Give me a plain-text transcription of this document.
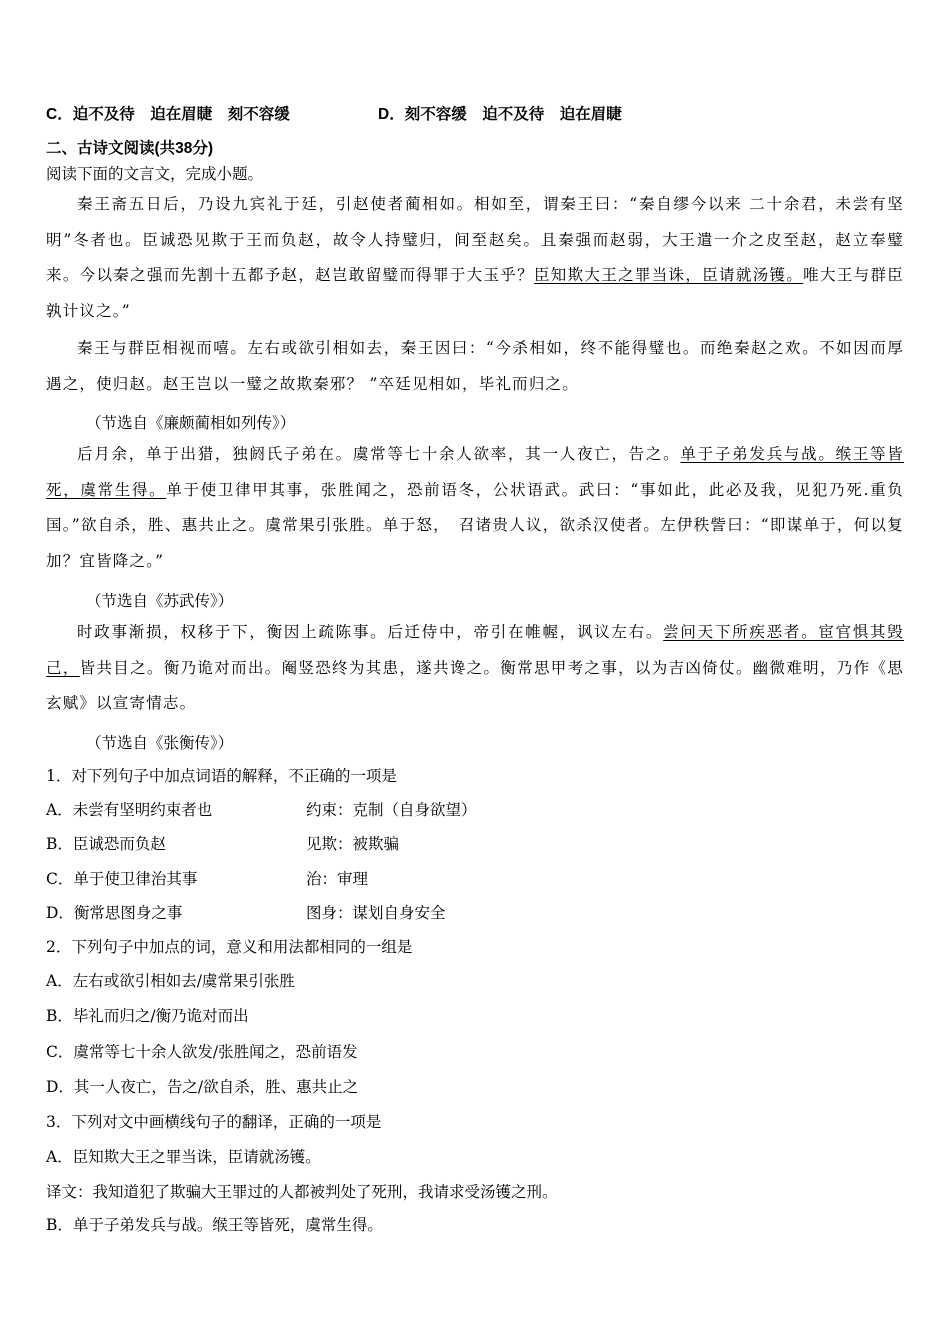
C．迫不及待　迫在眉睫　刻不容缓	D．刻不容缓　迫不及待　迫在眉睫
二、古诗文阅读(共38分)
阅读下面的文言文，完成小题。
秦王斋五日后，乃设九宾礼于廷，引赵使者蔺相如。相如至，谓秦王曰：“秦自缪今以来 二十余君，未尝有坚明”冬者也。臣诚恐见欺于王而负赵，故令人持璧归，间至赵矣。且秦强而赵弱，大王遣一介之皮至赵，赵立奉璧来。今以秦之强而先割十五都予赵，赵岂敢留璧而得罪于大玉乎？臣知欺大王之罪当诛，臣请就汤镬。唯大王与群臣孰计议之。”
秦王与群臣相视而嘻。左右或欲引相如去，秦王因曰：“今杀相如，终不能得璧也。而绝秦赵之欢。不如因而厚遇之，使归赵。赵王岂以一璧之故欺秦邪？ ”卒廷见相如，毕礼而归之。
（节选自《廉颇蔺相如列传》）
后月余，单于出猎，独阏氏子弟在。虞常等七十余人欲率，其一人夜亡，告之。单于子弟发兵与战。缑王等皆死，虞常生得。单于使卫律甲其事，张胜闻之，恐前语冬，公状语武。武曰：“事如此，此必及我，见犯乃死.重负国。”欲自杀，胜、惠共止之。虞常果引张胜。单于怒，　召诸贵人议，欲杀汉使者。左伊秩訾曰：“即谋单于，何以复加？宜皆降之。”
（节选自《苏武传》）
时政事渐损，权移于下，衡因上疏陈事。后迁侍中，帝引在帷幄，讽议左右。尝问天下所疾恶者。宦官惧其毁己，皆共目之。衡乃诡对而出。阉竖恐终为其患，遂共谗之。衡常思甲考之事，以为吉凶倚仗。幽微难明，乃作《思玄赋》以宣寄情志。
（节选自《张衡传》）
1．对下列句子中加点词语的解释，不正确的一项是
A．未尝有坚明约束者也	约束：克制（自身欲望）
B．臣诚恐而负赵	见欺：被欺骗
C．单于使卫律治其事	治：审理
D．衡常思图身之事	图身：谋划自身安全
2．下列句子中加点的词，意义和用法都相同的一组是
A．左右或欲引相如去/虞常果引张胜
B．毕礼而归之/衡乃诡对而出
C．虞常等七十余人欲发/张胜闻之，恐前语发
D．其一人夜亡，告之/欲自杀，胜、惠共止之
3．下列对文中画横线句子的翻译，正确的一项是
A．臣知欺大王之罪当诛，臣请就汤镬。
译文：我知道犯了欺骗大王罪过的人都被判处了死刑，我请求受汤镬之刑。
B．单于子弟发兵与战。缑王等皆死，虞常生得。
